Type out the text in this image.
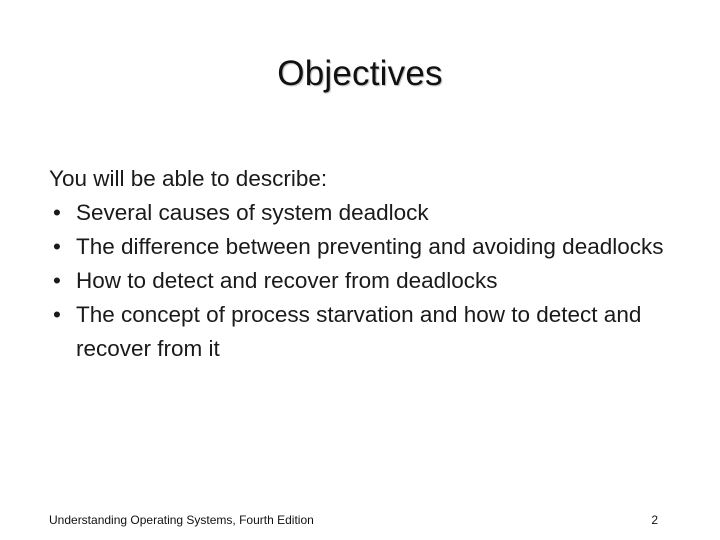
Objectives

You will be able to describe:

• Several causes of system deadlock
• The difference between preventing and avoiding deadlocks
• How to detect and recover from deadlocks
• The concept of process starvation and how to detect and recover from it
Understanding Operating Systems, Fourth Edition	2
